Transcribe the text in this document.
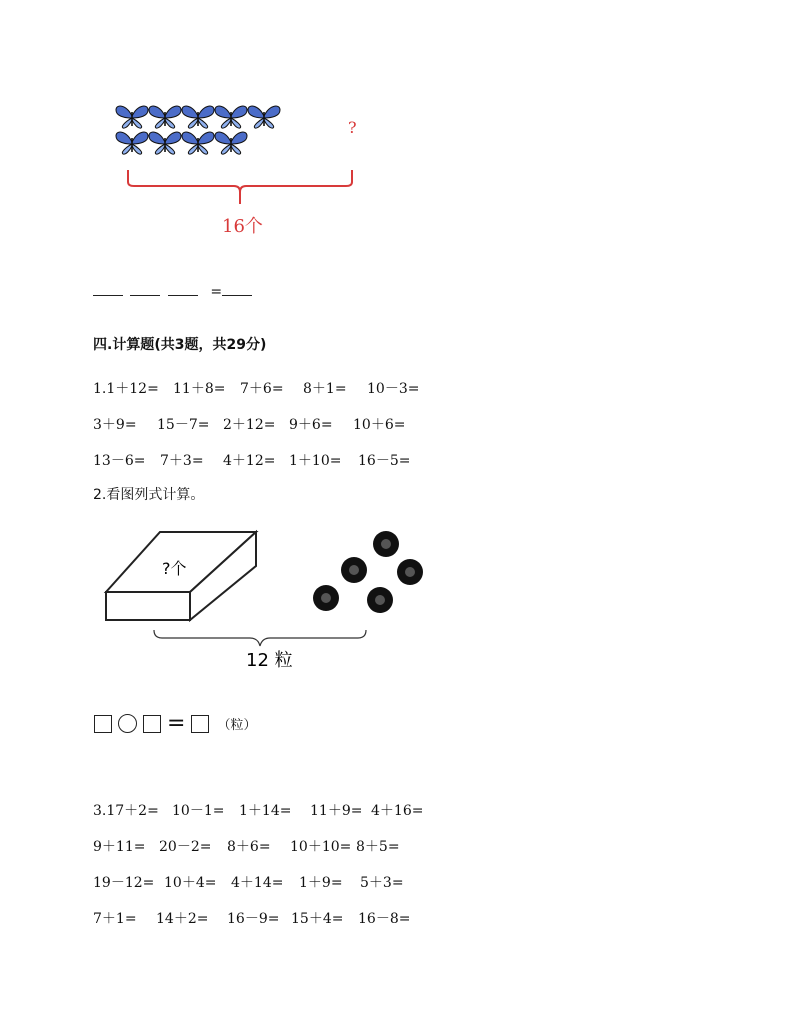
?
16个
=
四.计算题(共3题，共29分)
1.1＋12= 11＋8= 7＋6= 8＋1= 10－3=
3＋9= 15－7= 2＋12= 9＋6= 10＋6=
13－6= 7＋3= 4＋12= 1＋10= 16－5=
2.看图列式计算。
?个
12 粒
= （粒）
3.17＋2= 10－1= 1＋14= 11＋9= 4＋16=
9＋11= 20－2= 8＋6= 10＋10= 8＋5=
19－12= 10＋4= 4＋14= 1＋9= 5＋3=
7＋1= 14＋2= 16－9= 15＋4= 16－8=
